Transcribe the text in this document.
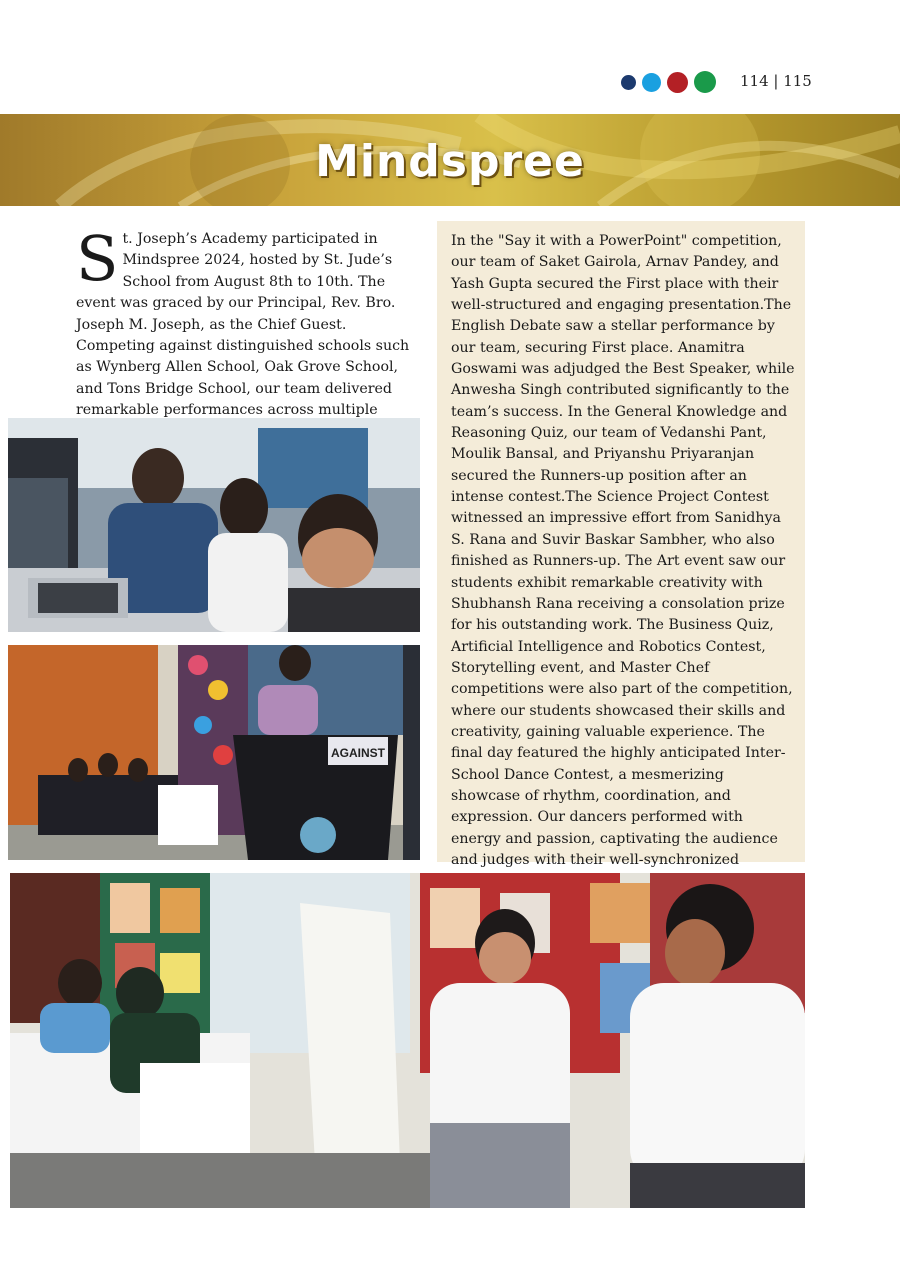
114 | 115
Mindspree

St. Joseph’s Academy participated in Mindspree 2024, hosted by St. Jude’s School from August 8th to 10th. The event was graced by our Principal, Rev. Bro. Joseph M. Joseph, as the Chief Guest. Competing against distinguished schools such as Wynberg Allen School, Oak Grove School, and Tons Bridge School, our team delivered remarkable performances across multiple

In the "Say it with a PowerPoint" competition, our team of Saket Gairola, Arnav Pandey, and Yash Gupta secured the First place with their well-structured and engaging presentation.The English Debate saw a stellar performance by our team, securing First place. Anamitra Goswami was adjudged the Best Speaker, while Anwesha Singh contributed significantly to the team’s success. In the General Knowledge and Reasoning Quiz, our team of Vedanshi Pant, Moulik Bansal, and Priyanshu Priyaranjan secured the Runners-up position after an intense contest.The Science Project Contest witnessed an impressive effort from Sanidhya S. Rana and Suvir Baskar Sambher, who also finished as Runners-up. The Art event saw our students exhibit remarkable creativity with Shubhansh Rana receiving a consolation prize for his outstanding work. The Business Quiz, Artificial Intelligence and Robotics Contest, Storytelling event, and Master Chef competitions were also part of the competition, where our students showcased their skills and creativity, gaining valuable experience. The final day featured the highly anticipated Inter-School Dance Contest, a mesmerizing showcase of rhythm, coordination, and expression. Our dancers performed with energy and passion, captivating the audience and judges with their well-synchronized

AGAINST
